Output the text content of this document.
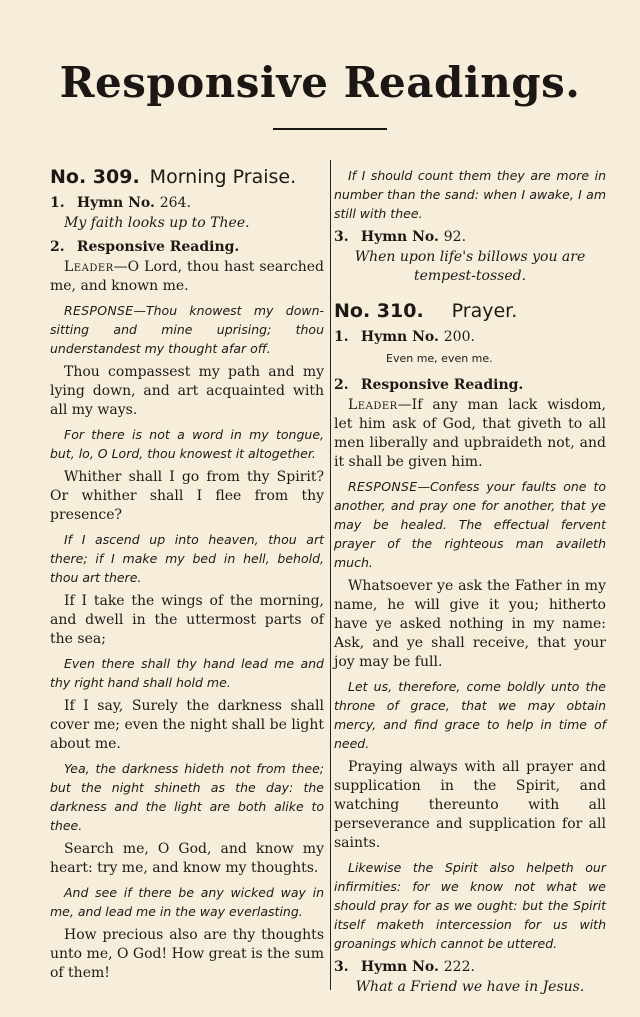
Responsive Readings.
No. 309. Morning Praise.
1. Hymn No. 264.
My faith looks up to Thee.
2. Responsive Reading.

Leader—O Lord, thou hast searched me, and known me.

RESPONSE—Thou knowest my down-sitting and mine uprising; thou understandest my thought afar off.

Thou compassest my path and my lying down, and art acquainted with all my ways.

For there is not a word in my tongue, but, lo, O Lord, thou knowest it altogether.

Whither shall I go from thy Spirit? Or whither shall I flee from thy presence?

If I ascend up into heaven, thou art there; if I make my bed in hell, behold, thou art there.

If I take the wings of the morning, and dwell in the uttermost parts of the sea;

Even there shall thy hand lead me and thy right hand shall hold me.

If I say, Surely the darkness shall cover me; even the night shall be light about me.

Yea, the darkness hideth not from thee; but the night shineth as the day: the darkness and the light are both alike to thee.

Search me, O God, and know my heart: try me, and know my thoughts.

And see if there be any wicked way in me, and lead me in the way everlasting.

How precious also are thy thoughts unto me, O God! How great is the sum of them!

If I should count them they are more in number than the sand: when I awake, I am still with thee.

3. Hymn No. 92.
When upon life's billows you are tempest-tossed.
No. 310. Prayer.
1. Hymn No. 200.
Even me, even me.
2. Responsive Reading.

Leader—If any man lack wisdom, let him ask of God, that giveth to all men liberally and upbraideth not, and it shall be given him.

RESPONSE—Confess your faults one to another, and pray one for another, that ye may be healed. The effectual fervent prayer of the righteous man availeth much.

Whatsoever ye ask the Father in my name, he will give it you; hitherto have ye asked nothing in my name: Ask, and ye shall receive, that your joy may be full.

Let us, therefore, come boldly unto the throne of grace, that we may obtain mercy, and find grace to help in time of need.

Praying always with all prayer and supplication in the Spirit, and watching thereunto with all perseverance and supplication for all saints.

Likewise the Spirit also helpeth our infirmities: for we know not what we should pray for as we ought: but the Spirit itself maketh intercession for us with groanings which cannot be uttered.

3. Hymn No. 222.
What a Friend we have in Jesus.
